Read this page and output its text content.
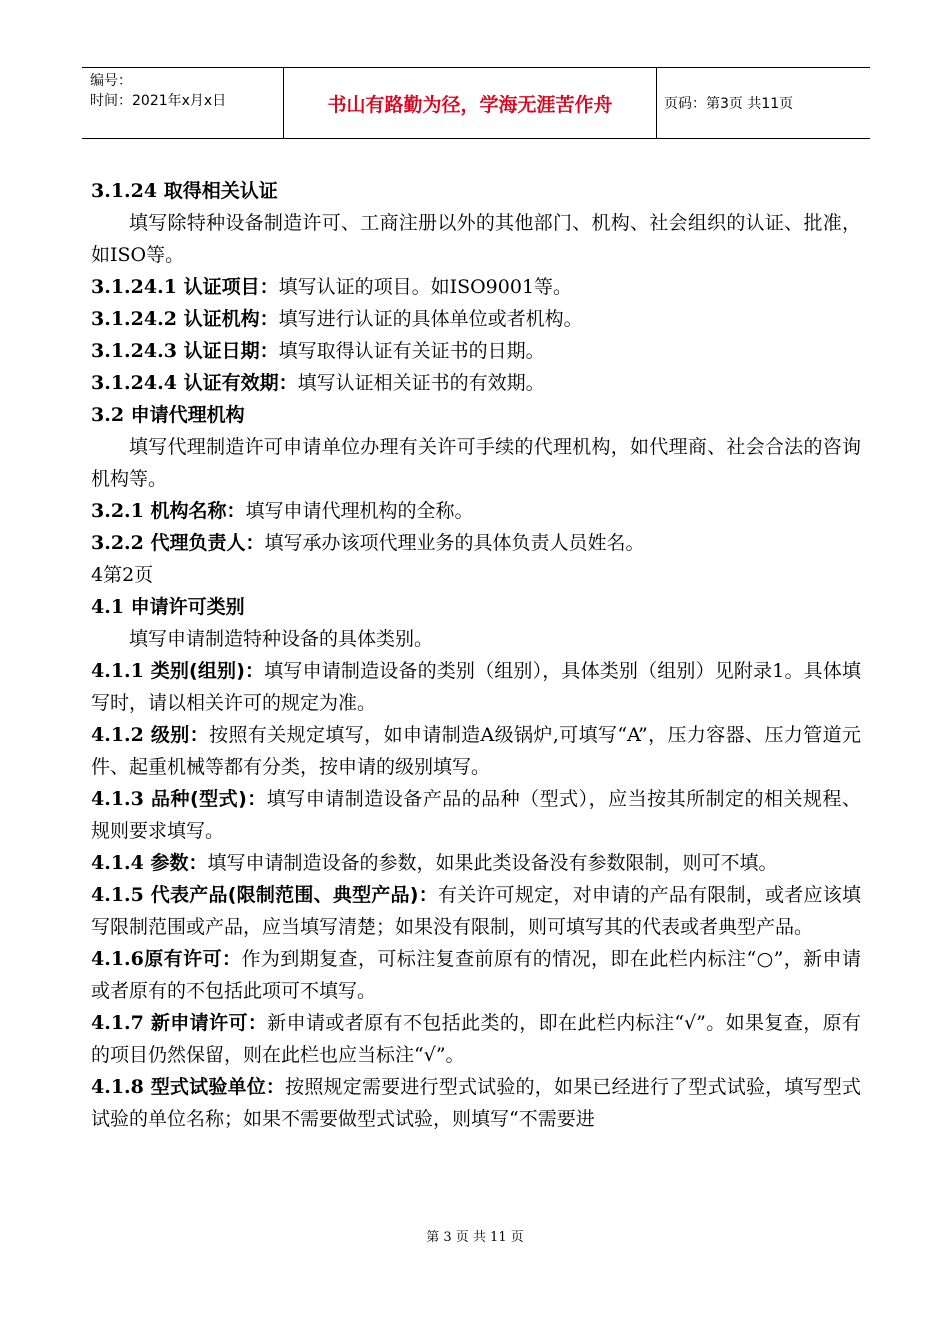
编号：
时间：2021年x月x日	书山有路勤为径，学海无涯苦作舟	页码：第3页 共11页

3.1.24 取得相关认证

填写除特种设备制造许可、工商注册以外的其他部门、机构、社会组织的认证、批准，如ISO等。

3.1.24.1 认证项目：填写认证的项目。如ISO9001等。

3.1.24.2 认证机构：填写进行认证的具体单位或者机构。

3.1.24.3 认证日期：填写取得认证有关证书的日期。

3.1.24.4 认证有效期：填写认证相关证书的有效期。

3.2 申请代理机构

填写代理制造许可申请单位办理有关许可手续的代理机构，如代理商、社会合法的咨询机构等。

3.2.1 机构名称：填写申请代理机构的全称。

3.2.2 代理负责人：填写承办该项代理业务的具体负责人员姓名。

4第2页

4.1 申请许可类别

填写申请制造特种设备的具体类别。

4.1.1 类别(组别)：填写申请制造设备的类别（组别），具体类别（组别）见附录1。具体填写时，请以相关许可的规定为准。

4.1.2 级别：按照有关规定填写，如申请制造A级锅炉,可填写“A”，压力容器、压力管道元件、起重机械等都有分类，按申请的级别填写。

4.1.3 品种(型式)：填写申请制造设备产品的品种（型式），应当按其所制定的相关规程、规则要求填写。

4.1.4 参数：填写申请制造设备的参数，如果此类设备没有参数限制，则可不填。

4.1.5 代表产品(限制范围、典型产品)：有关许可规定，对申请的产品有限制，或者应该填写限制范围或产品，应当填写清楚；如果没有限制，则可填写其的代表或者典型产品。

4.1.6原有许可：作为到期复查，可标注复查前原有的情况，即在此栏内标注“○”，新申请或者原有的不包括此项可不填写。

4.1.7 新申请许可：新申请或者原有不包括此类的，即在此栏内标注“√”。如果复查，原有的项目仍然保留，则在此栏也应当标注“√”。

4.1.8 型式试验单位：按照规定需要进行型式试验的，如果已经进行了型式试验，填写型式试验的单位名称；如果不需要做型式试验，则填写“不需要进

第 3 页 共 11 页
